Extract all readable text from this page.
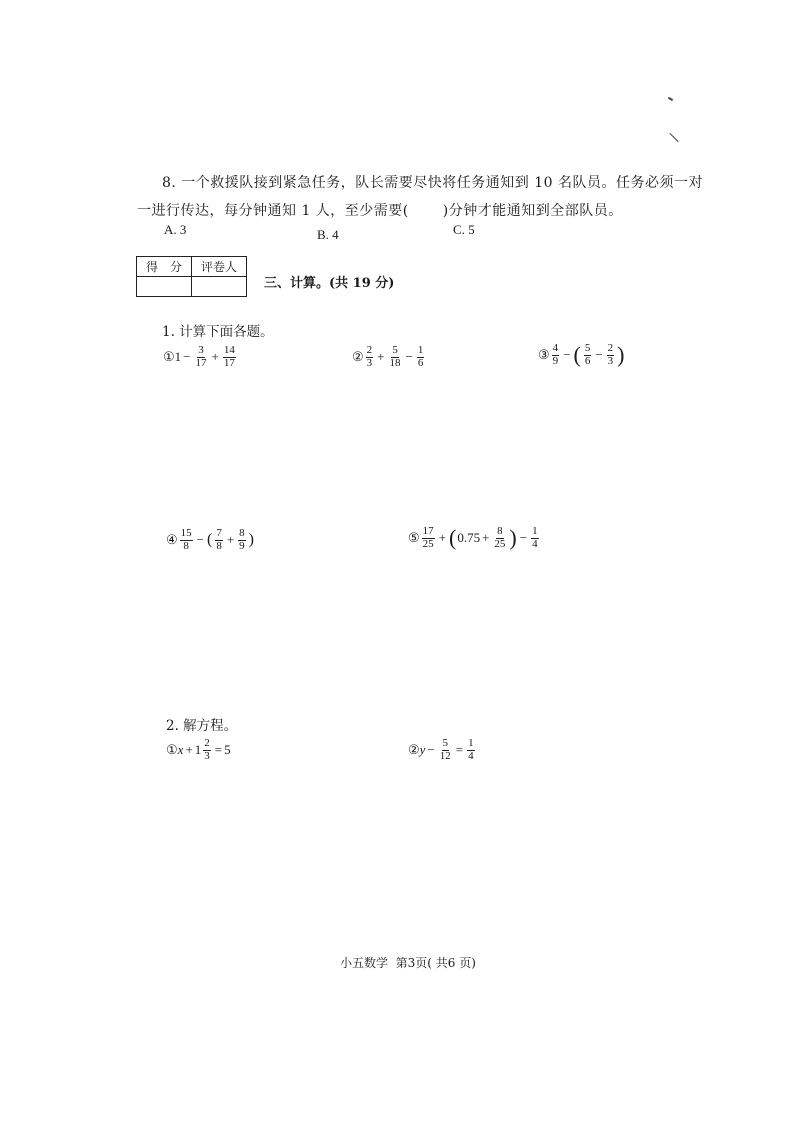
8. 一个救援队接到紧急任务，队长需要尽快将任务通知到 10 名队员。任务必须一对
一进行传达，每分钟通知 1 人，至少需要( )分钟才能通知到全部队员。
A. 3	B. 4	C. 5
得　分	评卷人

三、计算。(共 19 分)
1. 计算下面各题。
① $1 - \frac{3}{17} + \frac{14}{17}$	② $\frac{2}{3} + \frac{5}{18} - \frac{1}{6}$	③ $\frac{4}{9}$ − ( $\frac{5}{6} - \frac{2}{3}$ )
④ $\frac{15}{8}$ − ( $\frac{7}{8} + \frac{8}{9}$ )	⑤ $\frac{17}{25}$ + ( $0.75 + \frac{8}{25}$ ) − $\frac{1}{4}$
2. 解方程。
① $x + 1 \frac{2}{3} = 5$	② $y - \frac{5}{12} = \frac{1}{4}$
小五数学 第3页( 共6 页)
